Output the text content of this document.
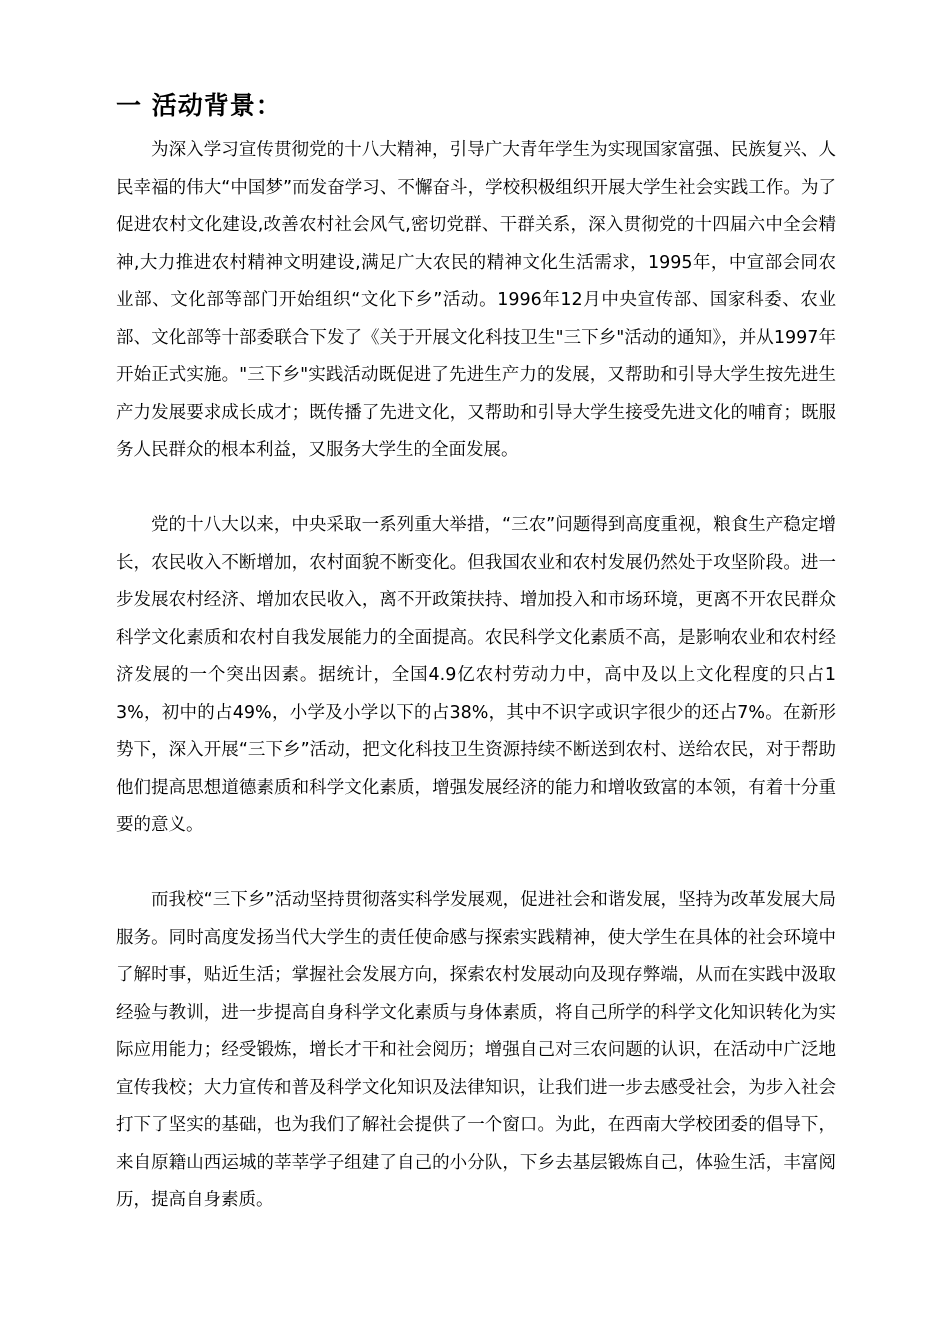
一 活动背景：

为深入学习宣传贯彻党的十八大精神，引导广大青年学生为实现国家富强、民族复兴、人民幸福的伟大“中国梦”而发奋学习、不懈奋斗，学校积极组织开展大学生社会实践工作。为了促进农村文化建设,改善农村社会风气,密切党群、干群关系，深入贯彻党的十四届六中全会精神,大力推进农村精神文明建设,满足广大农民的精神文化生活需求，1995年，中宣部会同农业部、文化部等部门开始组织“文化下乡”活动。1996年12月中央宣传部、国家科委、农业部、文化部等十部委联合下发了《关于开展文化科技卫生"三下乡"活动的通知》，并从1997年开始正式实施。"三下乡"实践活动既促进了先进生产力的发展，又帮助和引导大学生按先进生产力发展要求成长成才；既传播了先进文化，又帮助和引导大学生接受先进文化的哺育；既服务人民群众的根本利益，又服务大学生的全面发展。

党的十八大以来，中央采取一系列重大举措，“三农”问题得到高度重视，粮食生产稳定增长，农民收入不断增加，农村面貌不断变化。但我国农业和农村发展仍然处于攻坚阶段。进一步发展农村经济、增加农民收入，离不开政策扶持、增加投入和市场环境，更离不开农民群众科学文化素质和农村自我发展能力的全面提高。农民科学文化素质不高，是影响农业和农村经济发展的一个突出因素。据统计，全国4.9亿农村劳动力中，高中及以上文化程度的只占13%，初中的占49%，小学及小学以下的占38%，其中不识字或识字很少的还占7%。在新形势下，深入开展“三下乡”活动，把文化科技卫生资源持续不断送到农村、送给农民，对于帮助他们提高思想道德素质和科学文化素质，增强发展经济的能力和增收致富的本领，有着十分重要的意义。

而我校“三下乡”活动坚持贯彻落实科学发展观，促进社会和谐发展，坚持为改革发展大局服务。同时高度发扬当代大学生的责任使命感与探索实践精神，使大学生在具体的社会环境中了解时事，贴近生活；掌握社会发展方向，探索农村发展动向及现存弊端，从而在实践中汲取经验与教训，进一步提高自身科学文化素质与身体素质，将自己所学的科学文化知识转化为实际应用能力；经受锻炼，增长才干和社会阅历；增强自己对三农问题的认识，在活动中广泛地宣传我校；大力宣传和普及科学文化知识及法律知识，让我们进一步去感受社会，为步入社会打下了坚实的基础，也为我们了解社会提供了一个窗口。为此，在西南大学校团委的倡导下，来自原籍山西运城的莘莘学子组建了自己的小分队，下乡去基层锻炼自己，体验生活，丰富阅历，提高自身素质。
